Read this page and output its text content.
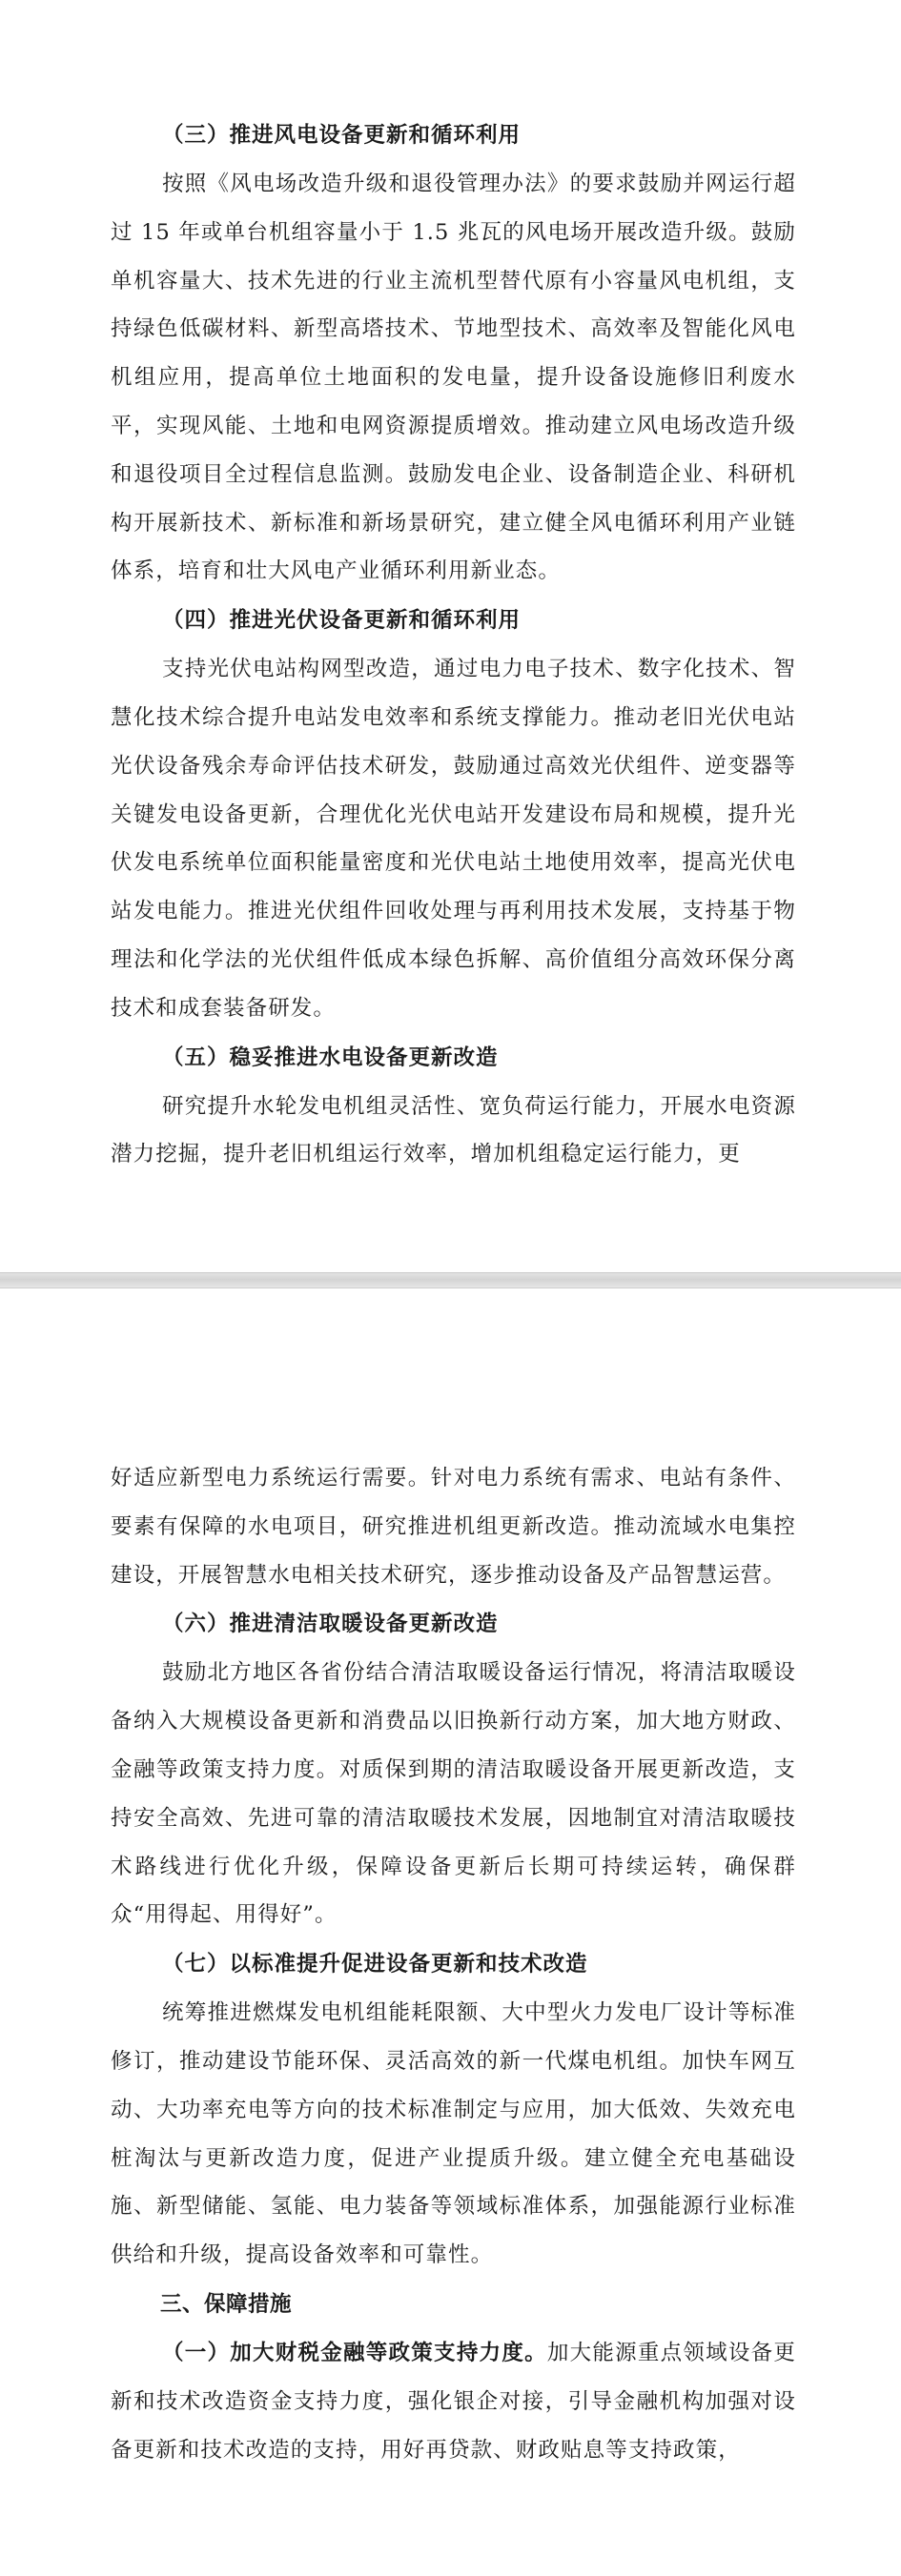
（三）推进风电设备更新和循环利用

按照《风电场改造升级和退役管理办法》的要求鼓励并网运行超过 15 年或单台机组容量小于 1.5 兆瓦的风电场开展改造升级。鼓励单机容量大、技术先进的行业主流机型替代原有小容量风电机组，支持绿色低碳材料、新型高塔技术、节地型技术、高效率及智能化风电机组应用，提高单位土地面积的发电量，提升设备设施修旧利废水平，实现风能、土地和电网资源提质增效。推动建立风电场改造升级和退役项目全过程信息监测。鼓励发电企业、设备制造企业、科研机构开展新技术、新标准和新场景研究，建立健全风电循环利用产业链体系，培育和壮大风电产业循环利用新业态。

（四）推进光伏设备更新和循环利用

支持光伏电站构网型改造，通过电力电子技术、数字化技术、智慧化技术综合提升电站发电效率和系统支撑能力。推动老旧光伏电站光伏设备残余寿命评估技术研发，鼓励通过高效光伏组件、逆变器等关键发电设备更新，合理优化光伏电站开发建设布局和规模，提升光伏发电系统单位面积能量密度和光伏电站土地使用效率，提高光伏电站发电能力。推进光伏组件回收处理与再利用技术发展，支持基于物理法和化学法的光伏组件低成本绿色拆解、高价值组分高效环保分离技术和成套装备研发。

（五）稳妥推进水电设备更新改造

研究提升水轮发电机组灵活性、宽负荷运行能力，开展水电资源潜力挖掘，提升老旧机组运行效率，增加机组稳定运行能力，更

好适应新型电力系统运行需要。针对电力系统有需求、电站有条件、要素有保障的水电项目，研究推进机组更新改造。推动流域水电集控建设，开展智慧水电相关技术研究，逐步推动设备及产品智慧运营。

（六）推进清洁取暖设备更新改造

鼓励北方地区各省份结合清洁取暖设备运行情况，将清洁取暖设备纳入大规模设备更新和消费品以旧换新行动方案，加大地方财政、金融等政策支持力度。对质保到期的清洁取暖设备开展更新改造，支持安全高效、先进可靠的清洁取暖技术发展，因地制宜对清洁取暖技术路线进行优化升级，保障设备更新后长期可持续运转，确保群众“用得起、用得好”。

（七）以标准提升促进设备更新和技术改造

统筹推进燃煤发电机组能耗限额、大中型火力发电厂设计等标准修订，推动建设节能环保、灵活高效的新一代煤电机组。加快车网互动、大功率充电等方向的技术标准制定与应用，加大低效、失效充电桩淘汰与更新改造力度，促进产业提质升级。建立健全充电基础设施、新型储能、氢能、电力装备等领域标准体系，加强能源行业标准供给和升级，提高设备效率和可靠性。

三、保障措施

（一）加大财税金融等政策支持力度。加大能源重点领域设备更新和技术改造资金支持力度，强化银企对接，引导金融机构加强对设备更新和技术改造的支持，用好再贷款、财政贴息等支持政策，
